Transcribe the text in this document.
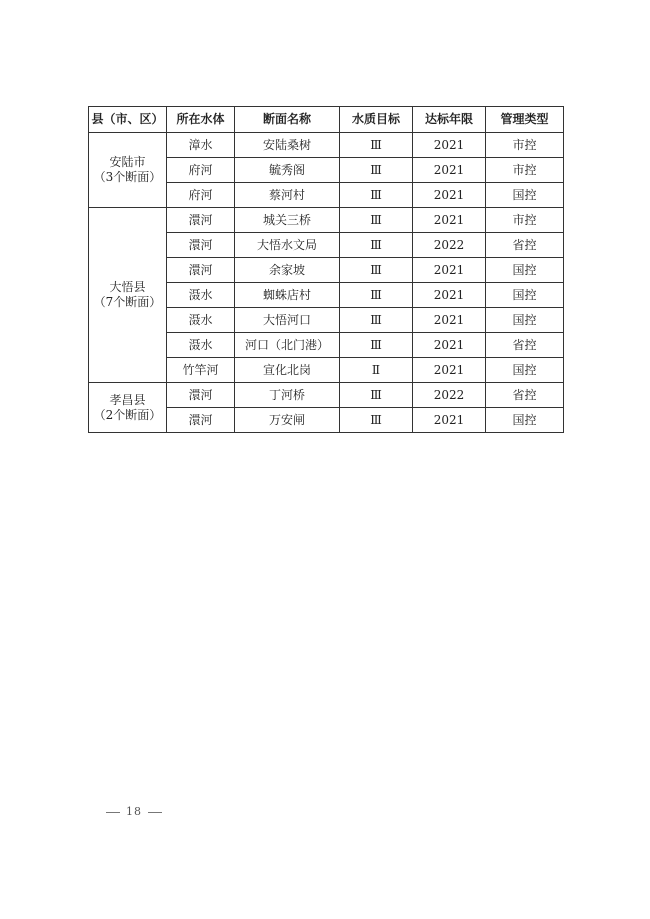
县（市、区）	所在水体	断面名称	水质目标	达标年限	管理类型

安陆市
（3个断面）	漳水	安陆桑树	Ⅲ	2021	市控
	府河	毓秀阁	Ⅲ	2021	市控
	府河	蔡河村	Ⅲ	2021	国控

大悟县
（7个断面）	澴河	城关三桥	Ⅲ	2021	市控
	澴河	大悟水文局	Ⅲ	2022	省控
	澴河	余家坡	Ⅲ	2021	国控
	滠水	蜘蛛店村	Ⅲ	2021	国控
	滠水	大悟河口	Ⅲ	2021	国控
	滠水	河口（北门港）	Ⅲ	2021	省控
	竹竿河	宣化北岗	Ⅱ	2021	国控

孝昌县
（2个断面）	澴河	丁河桥	Ⅲ	2022	省控
	澴河	万安闸	Ⅲ	2021	国控
18
